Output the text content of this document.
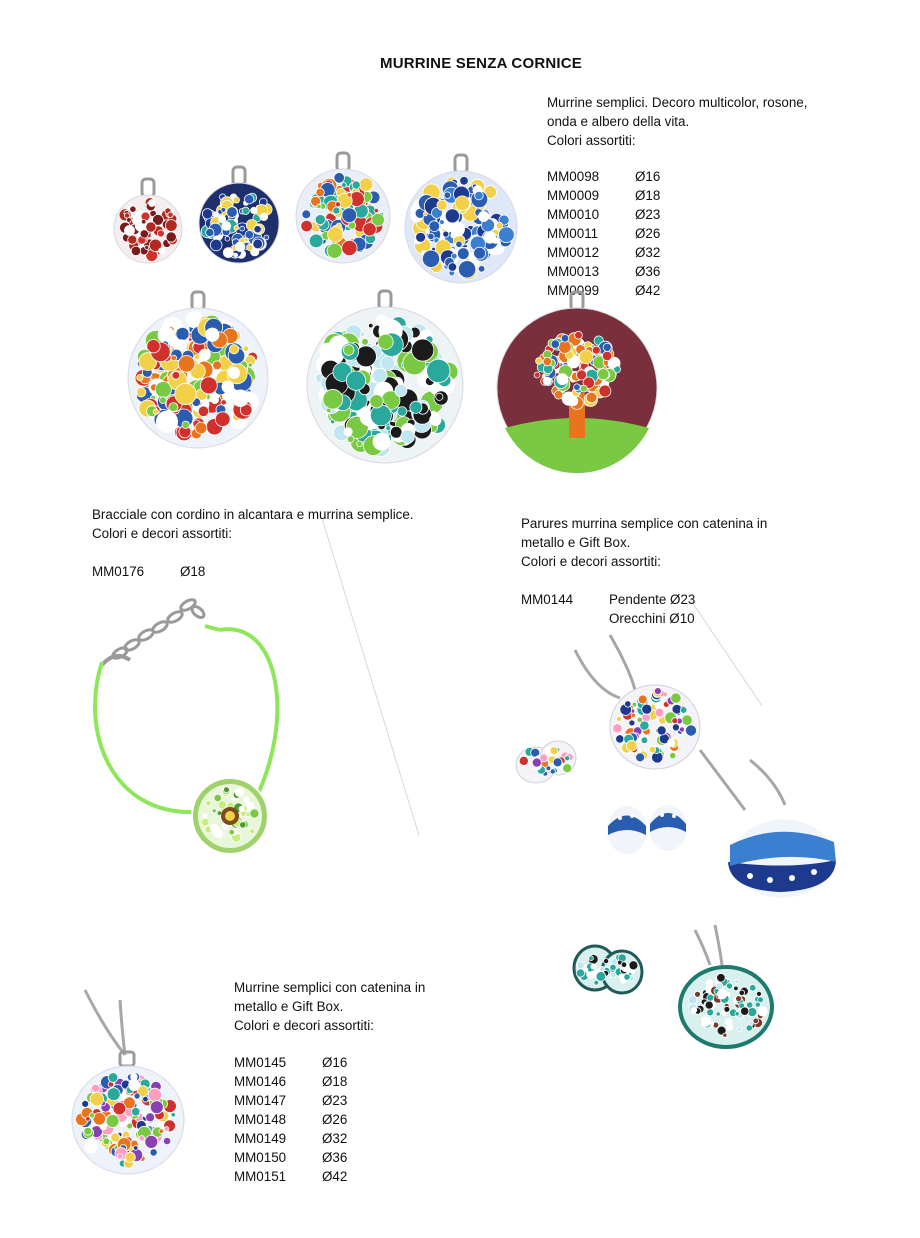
MURRINE SENZA CORNICE
Murrine semplici. Decoro multicolor, rosone,
onda e albero della vita.
Colori assortiti:
MM0098	Ø16
MM0009	Ø18
MM0010	Ø23
MM0011	Ø26
MM0012	Ø32
MM0013	Ø36
MM0099	Ø42
Bracciale con cordino in alcantara e murrina semplice.
Colori e decori assortiti:
MM0176	Ø18
Parures murrina semplice con catenina in
metallo e Gift Box.
Colori e decori assortiti:
MM0144	Pendente Ø23
Orecchini Ø10
Murrine semplici con catenina in
metallo e Gift Box.
Colori e decori assortiti:
MM0145	Ø16
MM0146	Ø18
MM0147	Ø23
MM0148	Ø26
MM0149	Ø32
MM0150	Ø36
MM0151	Ø42
